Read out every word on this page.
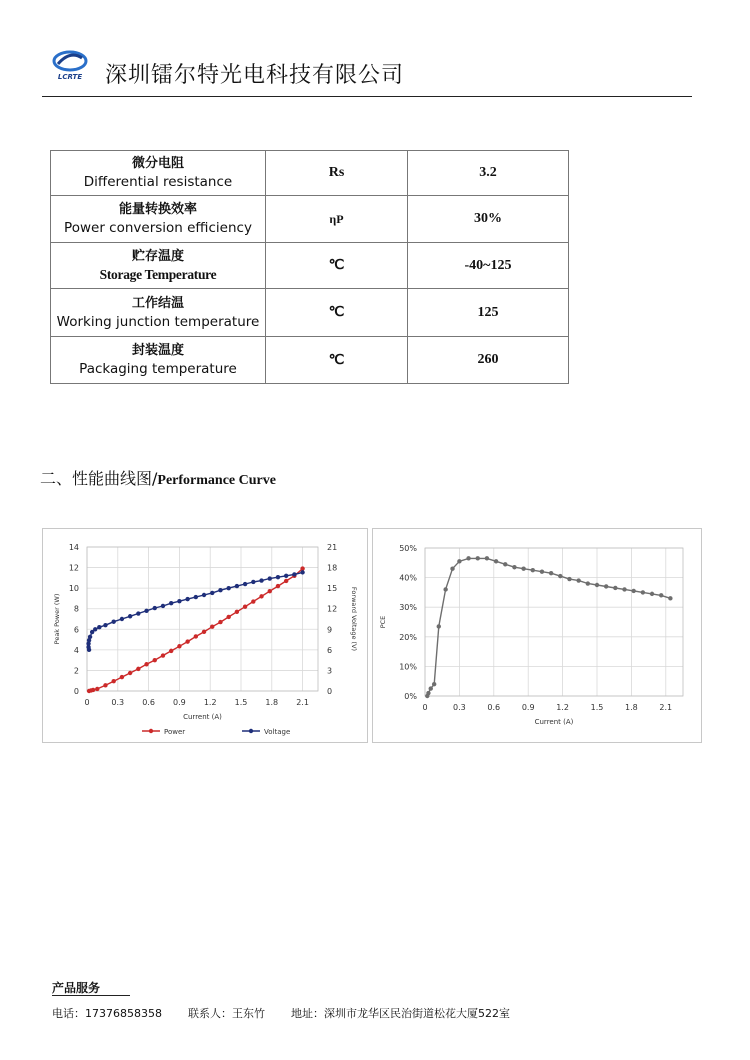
LCRTE 深圳镭尔特光电科技有限公司
微分电阻
Differential resistance	Rs	3.2

能量转换效率
Power conversion efficiency	ηP	30%

贮存温度
Storage Temperature	℃	-40~125

工作结温
Working junction temperature	℃	125

封装温度
Packaging temperature	℃	260
二、性能曲线图/Performance Curve
0
2
4
6
8
10
12
14
0	0.3 0.6 0.9 1.2 1.5 1.8 2.1
0
3
6
9
12
15
18
21
Forward Voltage (V)
Current (A)
Peak Power (W)
Power	Voltage
0%
10%
20%
30%
40%
50%
0	0.3	0.6	0.9	1.2	1.5	1.8	2.1
Current (A)
PCE
产品服务
电话：17376858358 联系人：王东竹 地址：深圳市龙华区民治街道松花大厦522室
